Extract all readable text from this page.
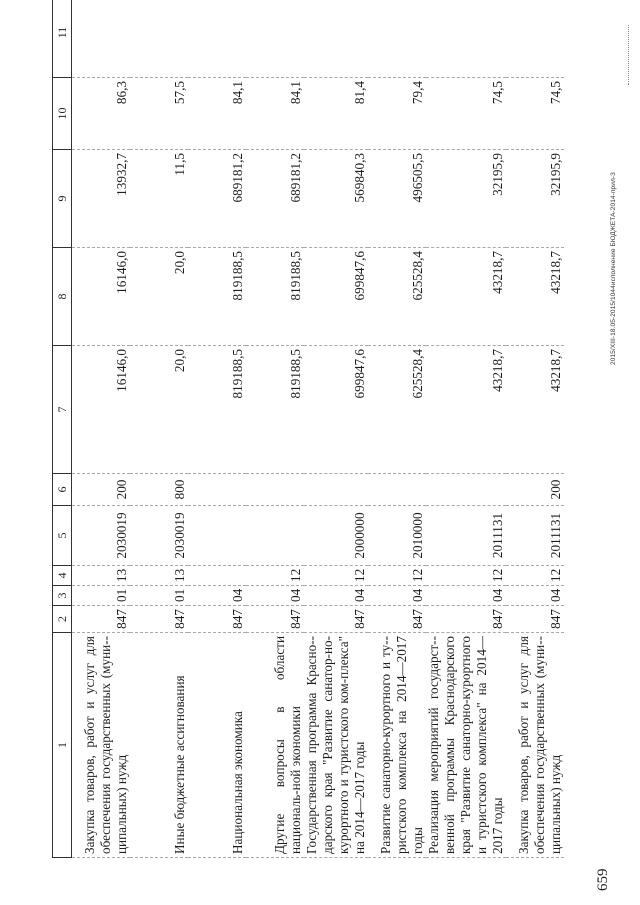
1	2	3	4	5	6	7	8	9	10	11
Закупка товаров, работ и услуг для обеспечения государственных (муни-ципальных) нужд	847	01	13	2030019	200	16146,0	16146,0	13932,7	86,3	
Иные бюджетные ассигнования	847	01	13	2030019	800	20,0	20,0	11,5	57,5	
Национальная экономика	847	04				819188,5	819188,5	689181,2	84,1	
Другие вопросы в области националь-ной экономики	847	04	12			819188,5	819188,5	689181,2	84,1	
Государственная программа Красно-дарского края "Развитие санатор-но-курортного и туристского ком-плекса" на 2014—2017 годы	847	04	12	2000000		699847,6	699847,6	569840,3	81,4	
Развитие санаторно-курортного и ту-ристского комплекса на 2014—2017 годы	847	04	12	2010000		625528,4	625528,4	496505,5	79,4	
Реализация мероприятий государст-венной программы Краснодарского края "Развитие санаторно-курортного и туристского комплекса" на 2014—2017 годы	847	04	12	2011131		43218,7	43218,7	32195,9	74,5	
Закупка товаров, работ и услуг для обеспечения государственных (муни-ципальных) нужд	847	04	12	2011131	200	43218,7	43218,7	32195,9	74,5	
659
2015/ХIII-18.05-2015/1044исполнение БЮДЖЕТА-2014-прил-3
